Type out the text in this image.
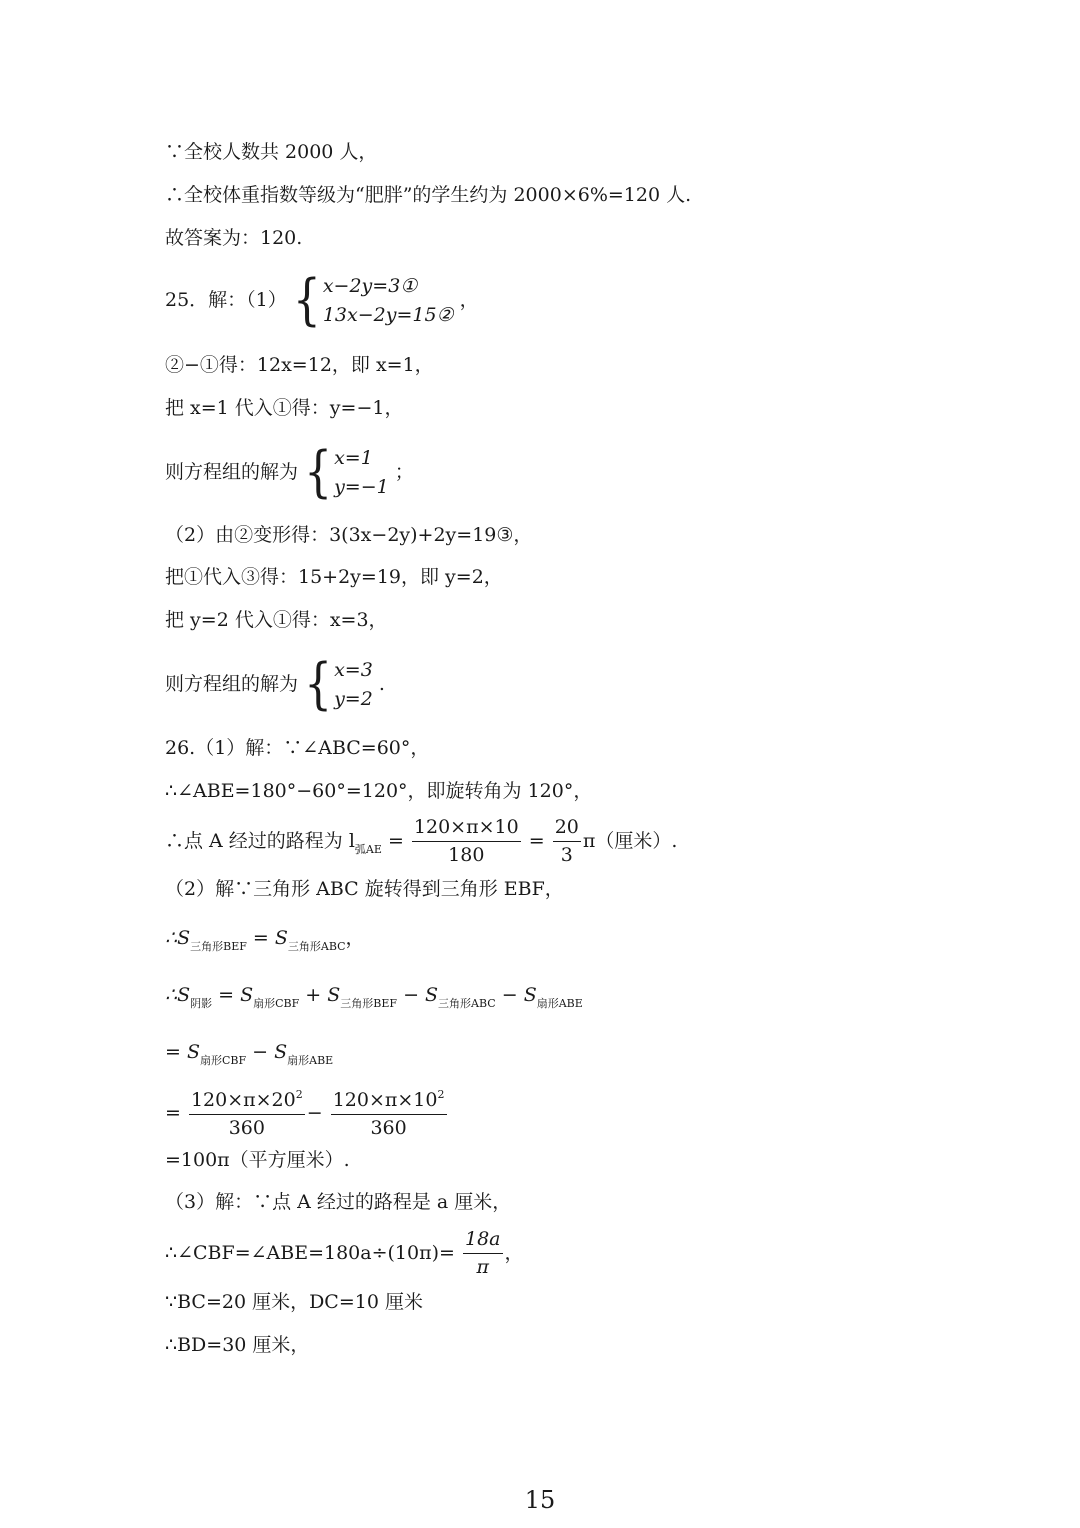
∵全校人数共 2000 人，
∴全校体重指数等级为“肥胖”的学生约为 2000×6%=120 人.
故答案为：120.
25．解：（1） { x−2y=3①
13x−2y=15②
，
②−①得：12x=12，即 x=1，
把 x=1 代入①得：y=−1，
则方程组的解为 { x=1
y=−1
；
（2）由②变形得：3(3x−2y)+2y=19③，
把①代入③得：15+2y=19，即 y=2，
把 y=2 代入①得：x=3，
则方程组的解为 { x=3
y=2
.
26.（1）解：∵∠ABC=60°，
∴∠ABE=180°−60°=120°，即旋转角为 120°，
∴点 A 经过的路程为 $l_{弧AE} = \frac{120\times\pi\times 10}{180} = \frac{20}{3} \pi$（厘米）.
（2）解∵三角形 ABC 旋转得到三角形 EBF，
$\therefore S_{三角形BEF} = S_{三角形ABC}$，
$\therefore S_{阴影} = S_{扇形CBF} + S_{三角形BEF} - S_{三角形ABC} - S_{扇形ABE}$
= $S_{扇形CBF} - S_{扇形ABE}$
= $\frac{120\times\pi\times 20^2}{360} - \frac{120\times\pi\times 10^2}{360}$
=100π（平方厘米）.
（3）解：∵点 A 经过的路程是 a 厘米，
∴∠CBF=∠ABE=180a÷(10π)= $\frac{18a}{\pi}$ ，
∵BC=20 厘米，DC=10 厘米
∴BD=30 厘米，
15
